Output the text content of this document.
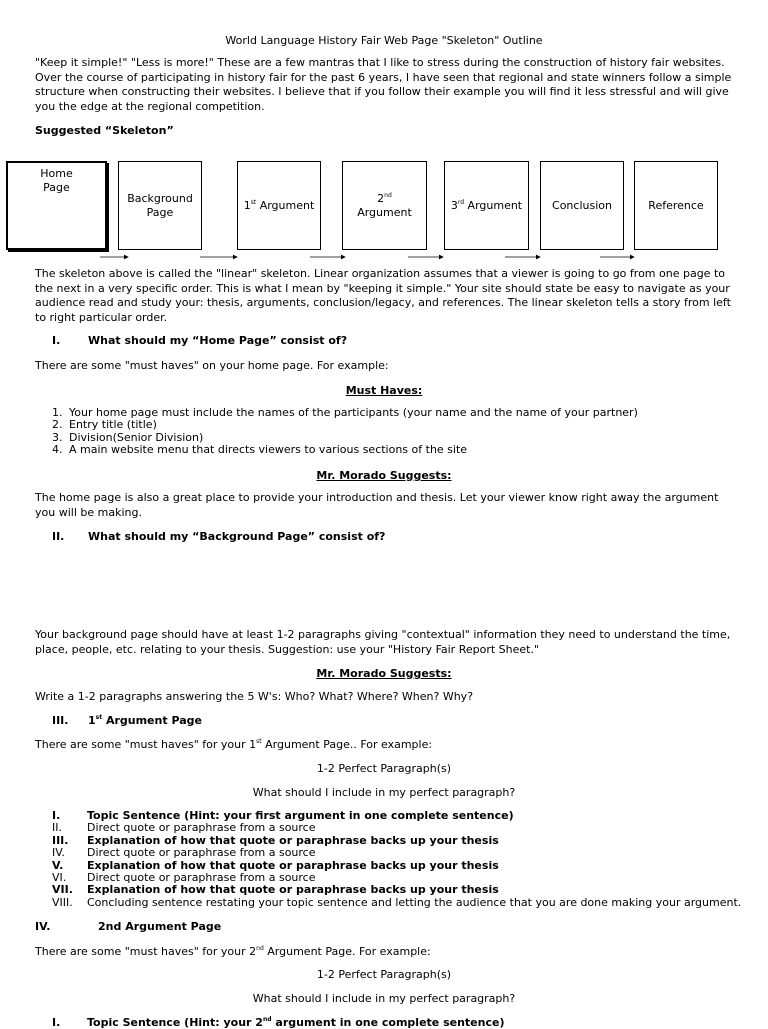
World Language History Fair Web Page "Skeleton" Outline
"Keep it simple!" "Less is more!" These are a few mantras that I like to stress during the construction of history fair websites. Over the course of participating in history fair for the past 6 years, I have seen that regional and state winners follow a simple structure when constructing their websites. I believe that if you follow their example you will find it less stressful and will give you the edge at the regional competition.
Suggested “Skeleton”
Home Page
Background Page
1st Argument
2nd
Argument
3rd Argument	Conclusion	Reference
The skeleton above is called the "linear" skeleton. Linear organization assumes that a viewer is going to go from one page to the next in a very specific order. This is what I mean by "keeping it simple." Your site should state be easy to navigate as your audience read and study your: thesis, arguments, conclusion/legacy, and references. The linear skeleton tells a story from left to right particular order.
I.	What should my “Home Page” consist of?
There are some "must haves" on your home page. For example:
Must Haves:
1. Your home page must include the names of the participants (your name and the name of your partner)
2. Entry title (title)
3. Division(Senior Division)
4. A main website menu that directs viewers to various sections of the site
Mr. Morado Suggests:
The home page is also a great place to provide your introduction and thesis. Let your viewer know right away the argument you will be making.
II. What should my “Background Page” consist of?
Your background page should have at least 1-2 paragraphs giving "contextual" information they need to understand the time, place, people, etc. relating to your thesis. Suggestion: use your "History Fair Report Sheet."
Mr. Morado Suggests:
Write a 1-2 paragraphs answering the 5 W's: Who? What? Where? When? Why?
III. 1st Argument Page
There are some "must haves" for your 1st Argument Page.. For example:
1-2 Perfect Paragraph(s)
What should I include in my perfect paragraph?
I. Topic Sentence (Hint: your first argument in one complete sentence)
II. Direct quote or paraphrase from a source
III. Explanation of how that quote or paraphrase backs up your thesis
IV. Direct quote or paraphrase from a source
V. Explanation of how that quote or paraphrase backs up your thesis
VI. Direct quote or paraphrase from a source
VII. Explanation of how that quote or paraphrase backs up your thesis
VIII. Concluding sentence restating your topic sentence and letting the audience that you are done making your argument.
IV.	2nd Argument Page
There are some "must haves" for your 2nd Argument Page. For example:
1-2 Perfect Paragraph(s)
What should I include in my perfect paragraph?
I. Topic Sentence (Hint: your 2nd argument in one complete sentence)
